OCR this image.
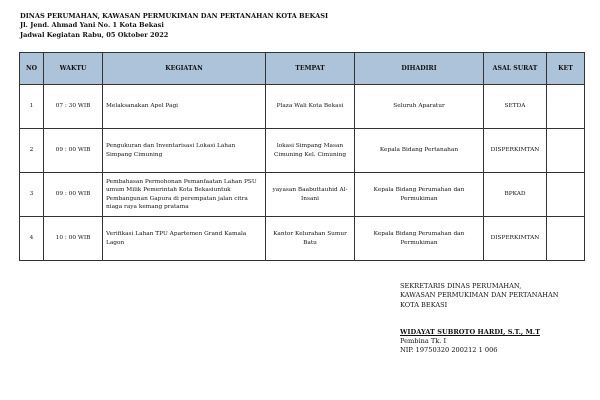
DINAS PERUMAHAN, KAWASAN PERMUKIMAN DAN PERTANAHAN KOTA BEKASI
Jl. Jend. Ahmad Yani No. 1 Kota Bekasi
Jadwal Kegiatan Rabu, 05 Oktober 2022
NO	WAKTU	KEGIATAN	TEMPAT	DIHADIRI	ASAL SURAT	KET
1	07 : 30 WIB	Melaksanakan Apel Pagi	Plaza Wali Kota Bekasi	Seluruh Aparatur	SETDA	
2	09 : 00 WIB	Pengukuran dan Inventarisasi Lokasi Lahan Simpang Cimuning	lokasi Simpang Masan Cimuning Kel. Cimuning	Kepala Bidang Pertanahan	DISPERKIMTAN	
3	09 : 00 WIB	Pembahasan Permohonan Pemanfaatan Lahan PSU umum Milik Pemerintah Kota Bekasiuntuk Pembangunan Gapura di perempatan jalan citra niaga raya kemang pratama	yayasan Baabuttauhid Al-Insani	Kepala Bidang Perumahan dan Permukiman	BPKAD	
4	10 : 00 WIB	Verifikasi Lahan TPU Apartemen Grand Kamala Lagon	Kantor Kelurahan Sumur Batu	Kepala Bidang Perumahan dan Permukiman	DISPERKIMTAN	
SEKRETARIS DINAS PERUMAHAN,
KAWASAN PERMUKIMAN DAN PERTANAHAN
KOTA BEKASI
WIDAYAT SUBROTO HARDI, S.T., M.T
Pembina Tk. I
NIP. 19750320 200212 1 006
